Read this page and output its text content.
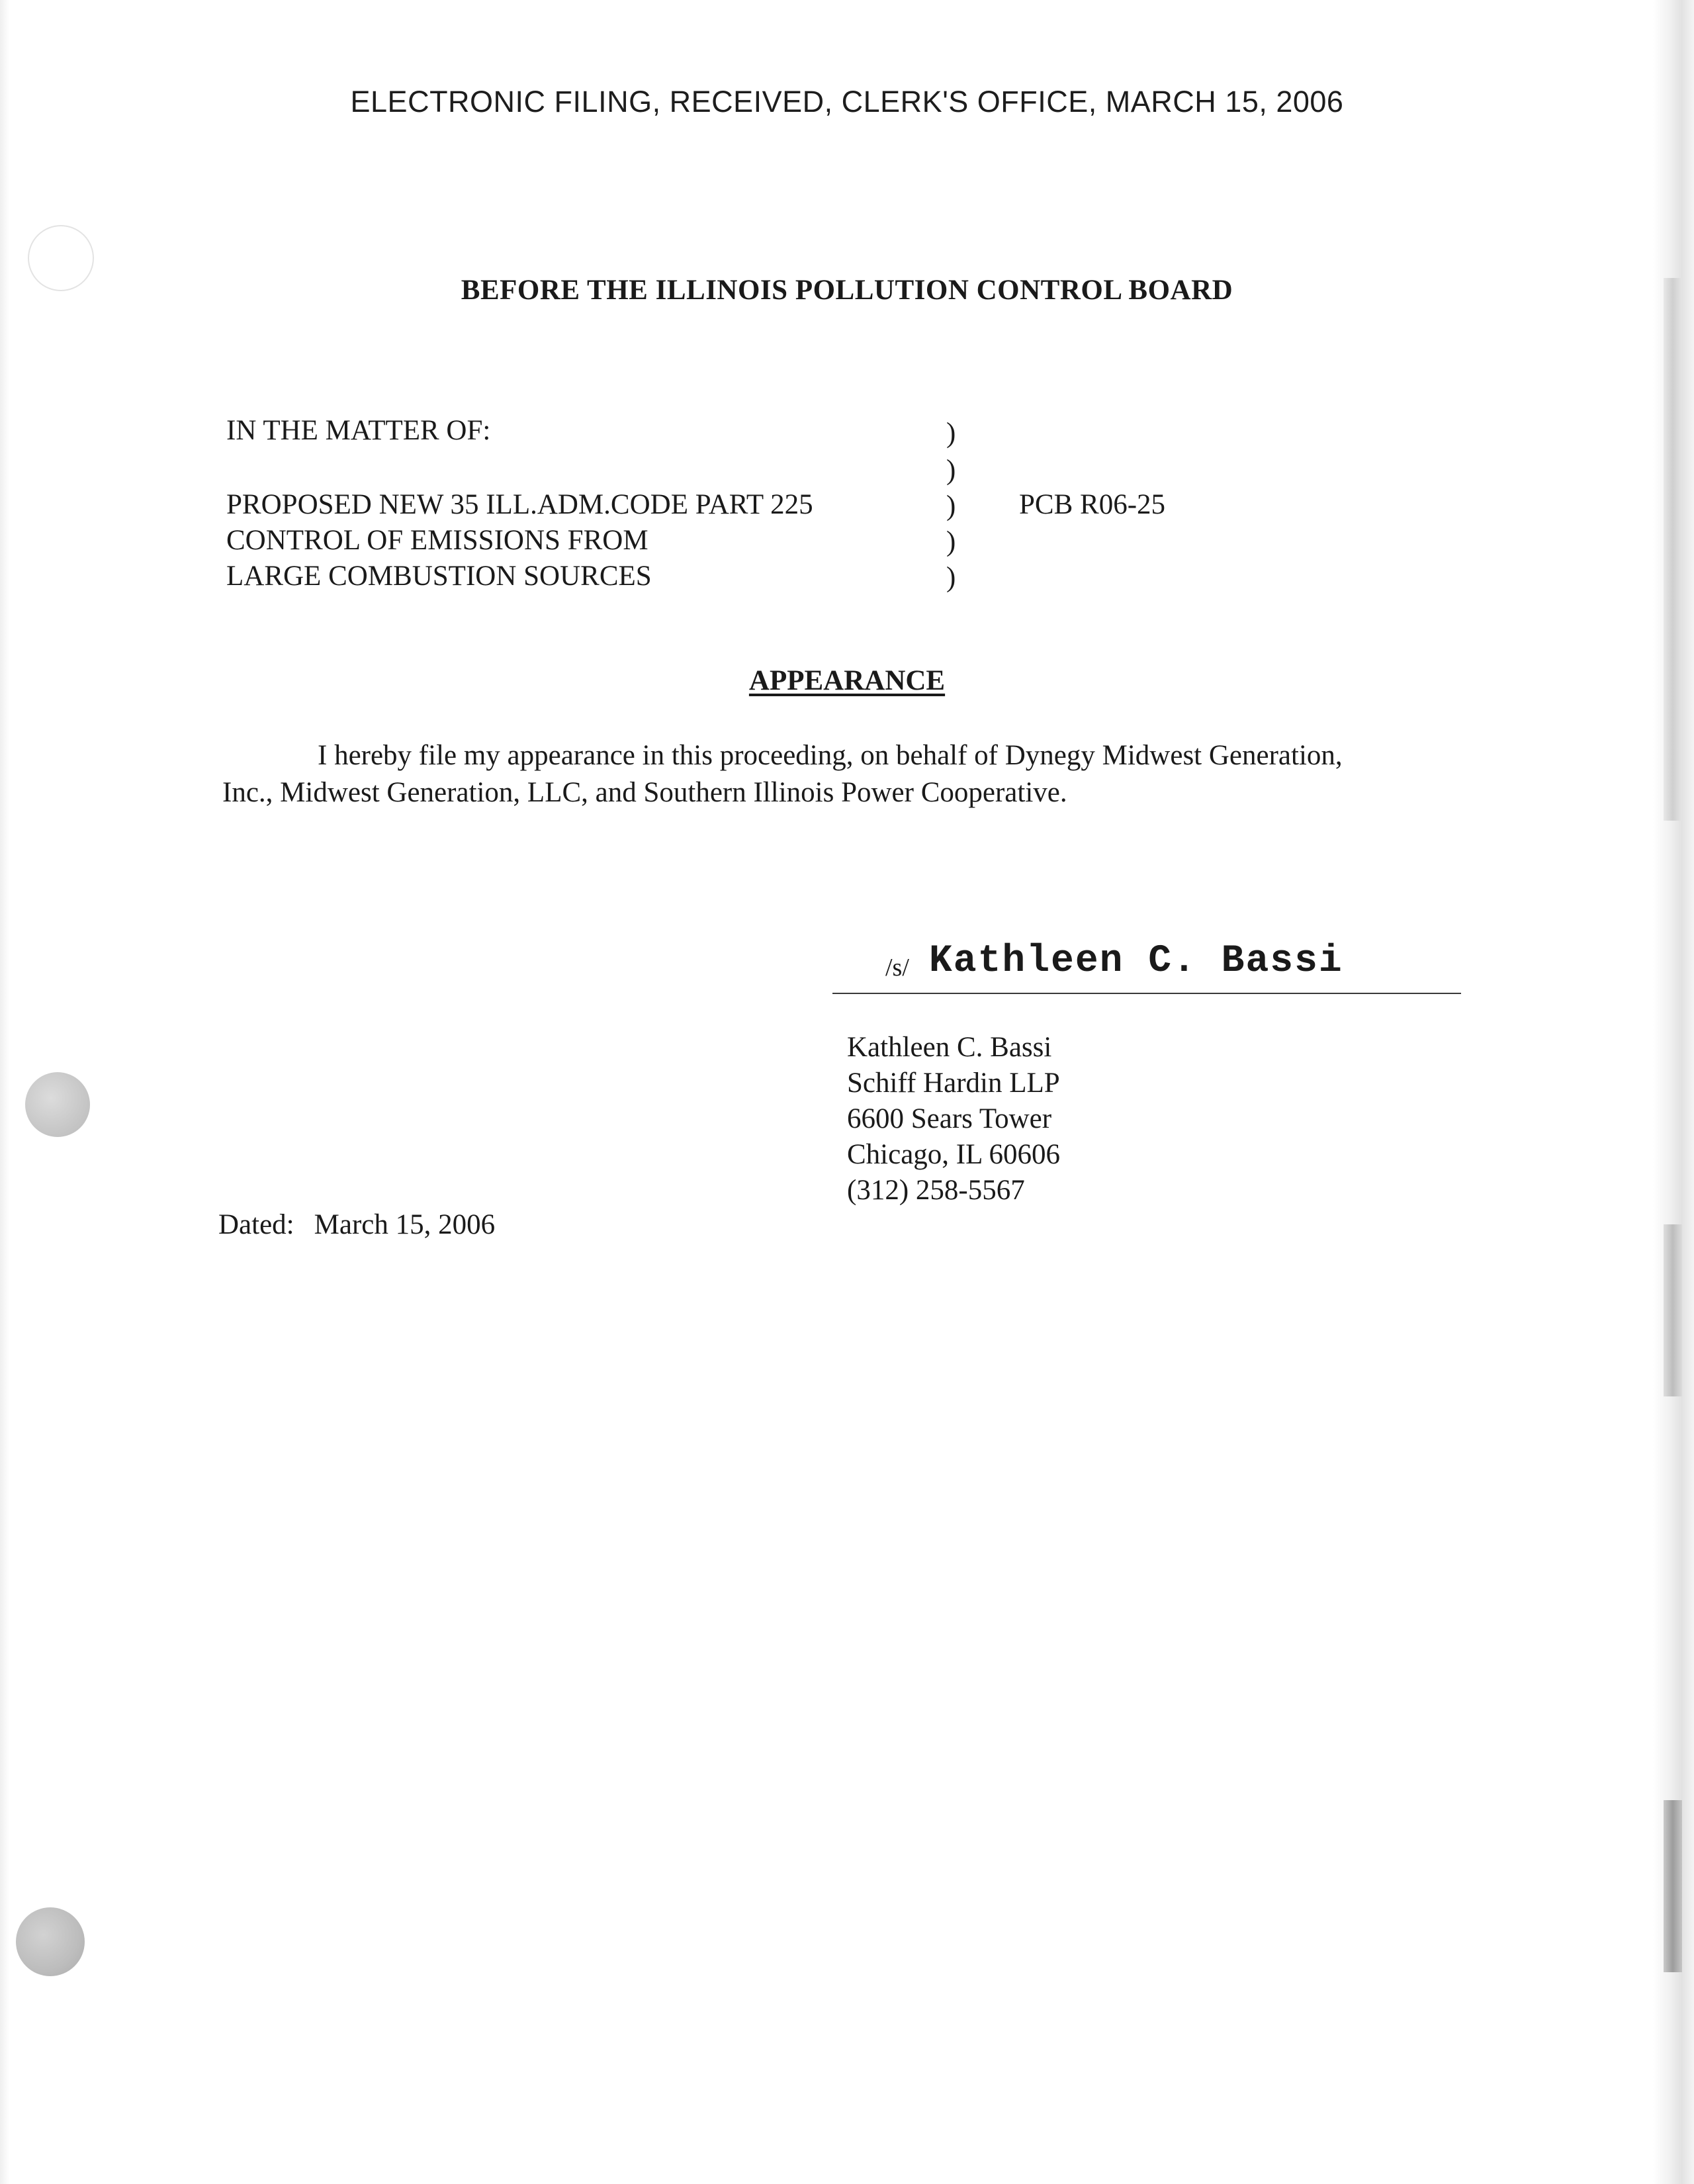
ELECTRONIC FILING, RECEIVED, CLERK'S OFFICE, MARCH 15, 2006
BEFORE THE ILLINOIS POLLUTION CONTROL BOARD
IN THE MATTER OF:
PROPOSED NEW 35 ILL.ADM.CODE PART 225
CONTROL OF EMISSIONS FROM
LARGE COMBUSTION SOURCES
)
)
)
)
)
PCB R06-25
APPEARANCE
I hereby file my appearance in this proceeding, on behalf of Dynegy Midwest Generation, Inc., Midwest Generation, LLC, and Southern Illinois Power Cooperative.
/s/ Kathleen C. Bassi
Kathleen C. Bassi
Schiff Hardin LLP
6600 Sears Tower
Chicago, IL 60606
(312) 258-5567
Dated: March 15, 2006
